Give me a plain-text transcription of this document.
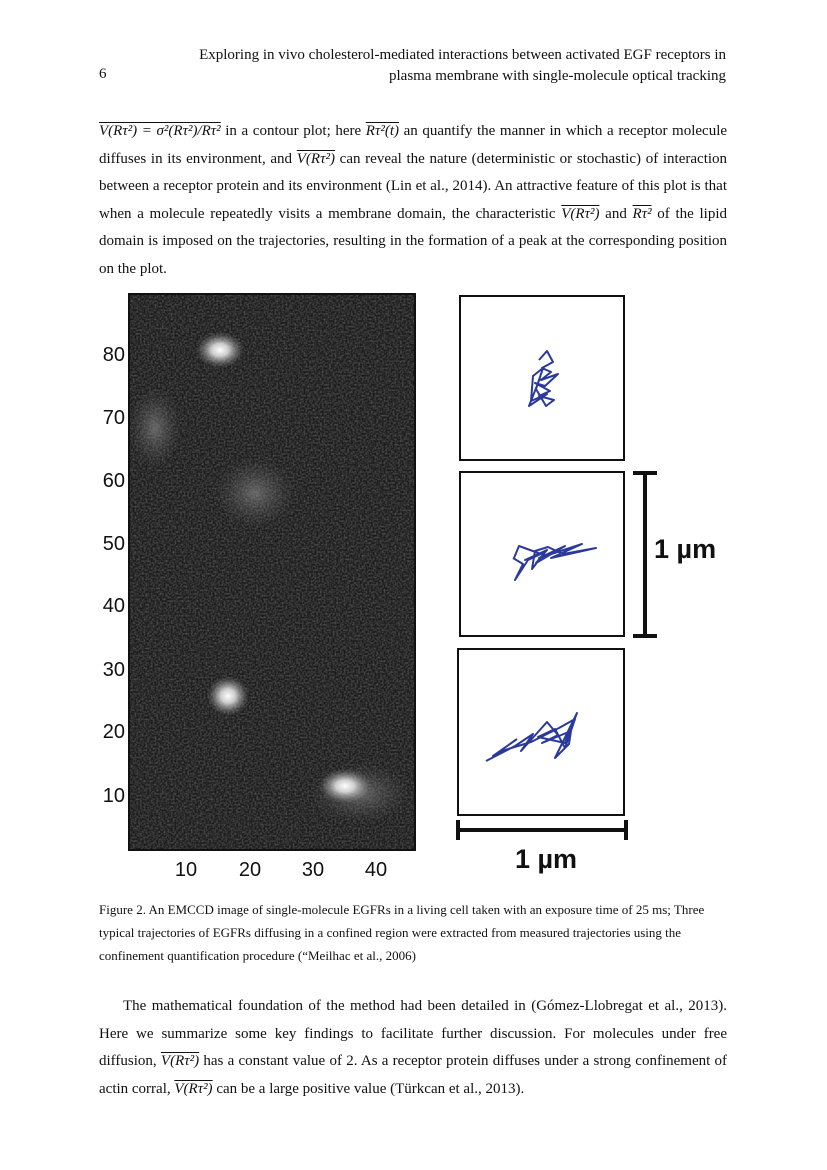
6
Exploring in vivo cholesterol-mediated interactions between activated EGF receptors in
plasma membrane with single-molecule optical tracking

V(Rτ²) = σ²(Rτ²)/Rτ² in a contour plot; here Rτ²(t) an quantify the manner in which a receptor molecule diffuses in its environment, and V(Rτ²) can reveal the nature (deterministic or stochastic) of interaction between a receptor protein and its environment (Lin et al., 2014). An attractive feature of this plot is that when a molecule repeatedly visits a membrane domain, the characteristic V(Rτ²) and Rτ² of the lipid domain is imposed on the trajectories, resulting in the formation of a peak at the corresponding position on the plot.

80
70
60
50
40
30
20
10
10 20 30 40
1 µm
1 µm

Figure 2. An EMCCD image of single-molecule EGFRs in a living cell taken with an exposure time of 25 ms; Three typical trajectories of EGFRs diffusing in a confined region were extracted from measured trajectories using the confinement quantification procedure (“Meilhac et al., 2006)

The mathematical foundation of the method had been detailed in (Gómez-Llobregat et al., 2013). Here we summarize some key findings to facilitate further discussion. For molecules under free diffusion, V(Rτ²) has a constant value of 2. As a receptor protein diffuses under a strong confinement of actin corral, V(Rτ²) can be a large positive value (Türkcan et al., 2013).
